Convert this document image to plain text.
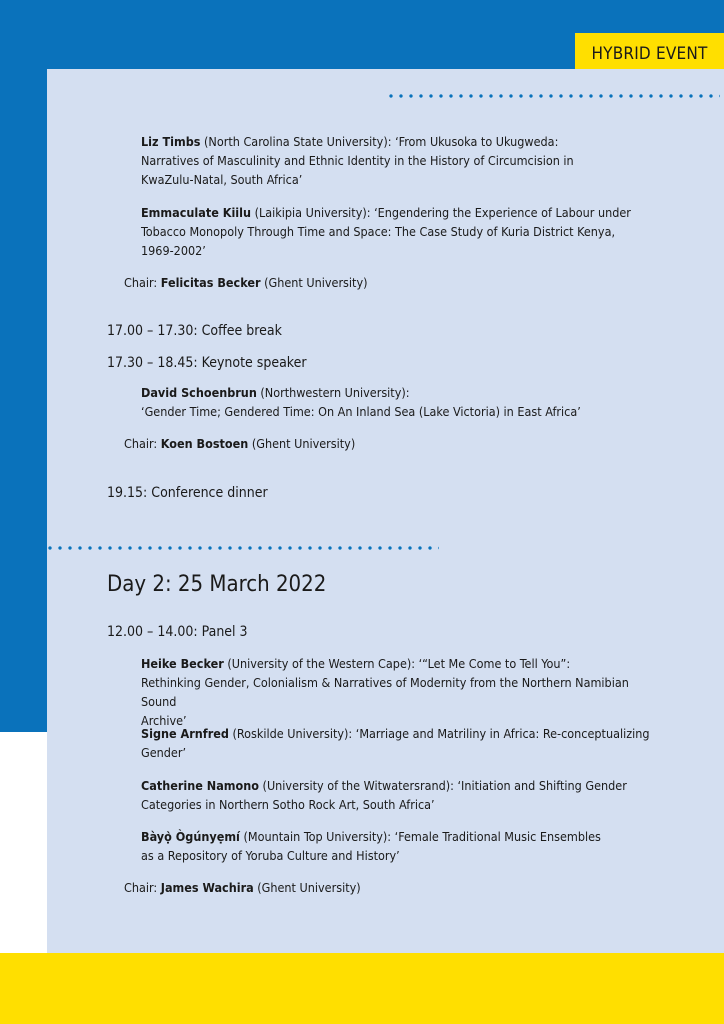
HYBRID EVENT
Liz Timbs (North Carolina State University): ‘From Ukusoka to Ukugweda:
Narratives of Masculinity and Ethnic Identity in the History of Circumcision in
KwaZulu-Natal, South Africa’
Emmaculate Kiilu (Laikipia University): ‘Engendering the Experience of Labour under
Tobacco Monopoly Through Time and Space: The Case Study of Kuria District Kenya,
1969-2002’
Chair: Felicitas Becker (Ghent University)
17.00 – 17.30: Coffee break
17.30 – 18.45: Keynote speaker
David Schoenbrun (Northwestern University):
‘Gender Time; Gendered Time: On An Inland Sea (Lake Victoria) in East Africa’
Chair: Koen Bostoen (Ghent University)
19.15: Conference dinner
Day 2: 25 March 2022
12.00 – 14.00: Panel 3
Heike Becker (University of the Western Cape): ‘“Let Me Come to Tell You”:
Rethinking Gender, Colonialism & Narratives of Modernity from the Northern Namibian Sound
Archive’
Signe Arnfred (Roskilde University): ‘Marriage and Matriliny in Africa: Re-conceptualizing
Gender’
Catherine Namono (University of the Witwatersrand): ‘Initiation and Shifting Gender
Categories in Northern Sotho Rock Art, South Africa’
Bàyọ̀ Ògúnyẹmí (Mountain Top University): ‘Female Traditional Music Ensembles
as a Repository of Yoruba Culture and History’
Chair: James Wachira (Ghent University)
